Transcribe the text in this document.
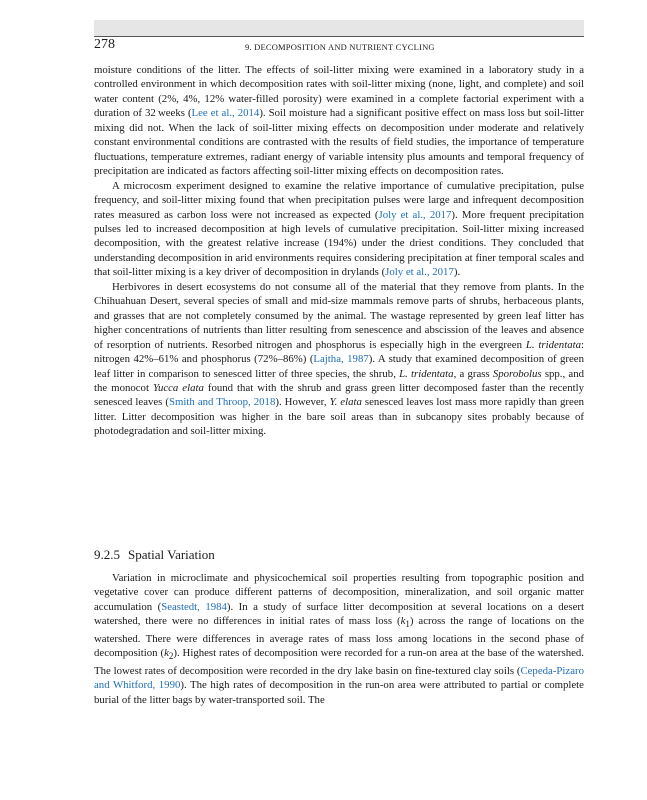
278	9. DECOMPOSITION AND NUTRIENT CYCLING

moisture conditions of the litter. The effects of soil-litter mixing were examined in a laboratory study in a controlled environment in which decomposition rates with soil-litter mixing (none, light, and complete) and soil water content (2%, 4%, 12% water-filled porosity) were examined in a complete factorial experiment with a duration of 32 weeks (Lee et al., 2014). Soil moisture had a significant positive effect on mass loss but soil-litter mixing did not. When the lack of soil-litter mixing effects on decomposition under moderate and relatively constant environmental conditions are contrasted with the results of field studies, the importance of temperature fluctuations, temperature extremes, radiant energy of variable intensity plus amounts and temporal frequency of precipitation are indicated as factors affecting soil-litter mixing effects on decomposition rates.

A microcosm experiment designed to examine the relative importance of cumulative precipitation, pulse frequency, and soil-litter mixing found that when precipitation pulses were large and infrequent decomposition rates measured as carbon loss were not increased as expected (Joly et al., 2017). More frequent precipitation pulses led to increased decomposition at high levels of cumulative precipitation. Soil-litter mixing increased decomposition, with the greatest relative increase (194%) under the driest conditions. They concluded that understanding decomposition in arid environments requires considering precipitation at finer temporal scales and that soil-litter mixing is a key driver of decomposition in drylands (Joly et al., 2017).

Herbivores in desert ecosystems do not consume all of the material that they remove from plants. In the Chihuahuan Desert, several species of small and mid-size mammals remove parts of shrubs, herbaceous plants, and grasses that are not completely consumed by the animal. The wastage represented by green leaf litter has higher concentrations of nutrients than litter resulting from senescence and abscission of the leaves and absence of resorption of nutrients. Resorbed nitrogen and phosphorus is especially high in the evergreen L. tridentata: nitrogen 42%–61% and phosphorus (72%–86%) (Lajtha, 1987). A study that examined decomposition of green leaf litter in comparison to senesced litter of three species, the shrub, L. tridentata, a grass Sporobolus spp., and the monocot Yucca elata found that with the shrub and grass green litter decomposed faster than the recently senesced leaves (Smith and Throop, 2018). However, Y. elata senesced leaves lost mass more rapidly than green litter. Litter decomposition was higher in the bare soil areas than in subcanopy sites probably because of photodegradation and soil-litter mixing.

9.2.5 Spatial Variation

Variation in microclimate and physicochemical soil properties resulting from topographic position and vegetative cover can produce different patterns of decomposition, mineralization, and soil organic matter accumulation (Seastedt, 1984). In a study of surface litter decomposition at several locations on a desert watershed, there were no differences in initial rates of mass loss $(k_1)$ across the range of locations on the watershed. There were differences in average rates of mass loss among locations in the second phase of decomposition $(k_2)$. Highest rates of decomposition were recorded for a run-on area at the base of the watershed. The lowest rates of decomposition were recorded in the dry lake basin on fine-textured clay soils (Cepeda-Pizaro and Whitford, 1990). The high rates of decomposition in the run-on area were attributed to partial or complete burial of the litter bags by water-transported soil. The
